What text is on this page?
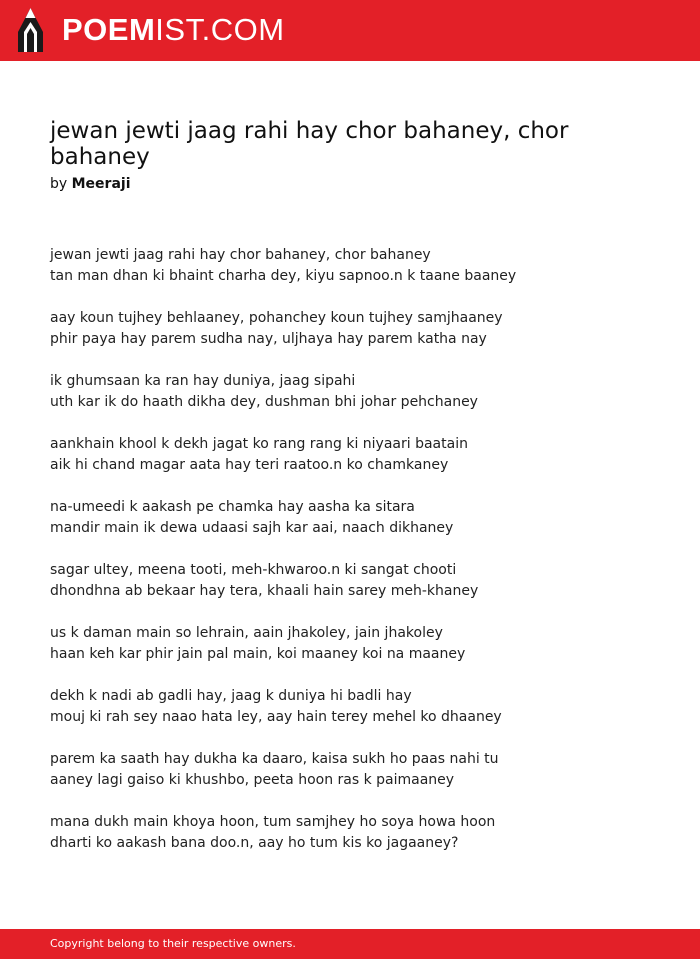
POEMIST.COM
jewan jewti jaag rahi hay chor bahaney, chor bahaney
by Meeraji
jewan jewti jaag rahi hay chor bahaney, chor bahaney
tan man dhan ki bhaint charha dey, kiyu sapnoo.n k taane baaney
aay koun tujhey behlaaney, pohanchey koun tujhey samjhaaney
phir paya hay parem sudha nay, uljhaya hay parem katha nay
ik ghumsaan ka ran hay duniya, jaag sipahi
uth kar ik do haath dikha dey, dushman bhi johar pehchaney
aankhain khool k dekh jagat ko rang rang ki niyaari baatain
aik hi chand magar aata hay teri raatoo.n ko chamkaney
na-umeedi k aakash pe chamka hay aasha ka sitara
mandir main ik dewa udaasi sajh kar aai, naach dikhaney
sagar ultey, meena tooti, meh-khwaroo.n ki sangat chooti
dhondhna ab bekaar hay tera, khaali hain sarey meh-khaney
us k daman main so lehrain, aain jhakoley, jain jhakoley
haan keh kar phir jain pal main, koi maaney koi na maaney
dekh k nadi ab gadli hay, jaag k duniya hi badli hay
mouj ki rah sey naao hata ley, aay hain terey mehel ko dhaaney
parem ka saath hay dukha ka daaro, kaisa sukh ho paas nahi tu
aaney lagi gaiso ki khushbo, peeta hoon ras k paimaaney
mana dukh main khoya hoon, tum samjhey ho soya howa hoon
dharti ko aakash bana doo.n, aay ho tum kis ko jagaaney?
Copyright belong to their respective owners.
